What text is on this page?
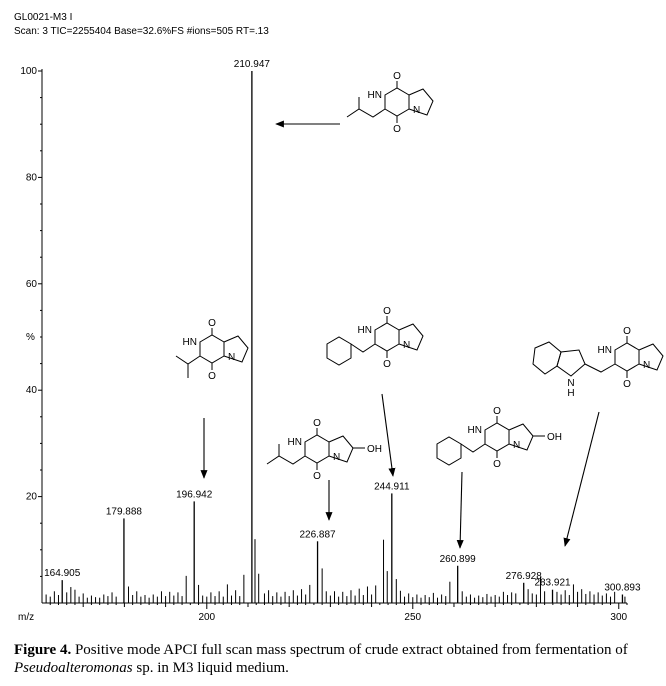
GL0021-M3 I
Scan: 3 TIC=2255404 Base=32.6%FS #ions=505 RT=.13
20
40
60
80
100
%
200	250	300
m/z
164.905
179.888
196.942
210.947
226.887
244.911
260.899
276.928
283.921	300.893
O
O
HN
N
O
O
HN
N
O
O
HN
N
OH
O
O
HN
N
O
O
HN
N
OH
O
O
HN
N
N
H
Figure 4. Positive mode APCI full scan mass spectrum of crude extract obtained from fermentation of Pseudoalteromonas sp. in M3 liquid medium.
